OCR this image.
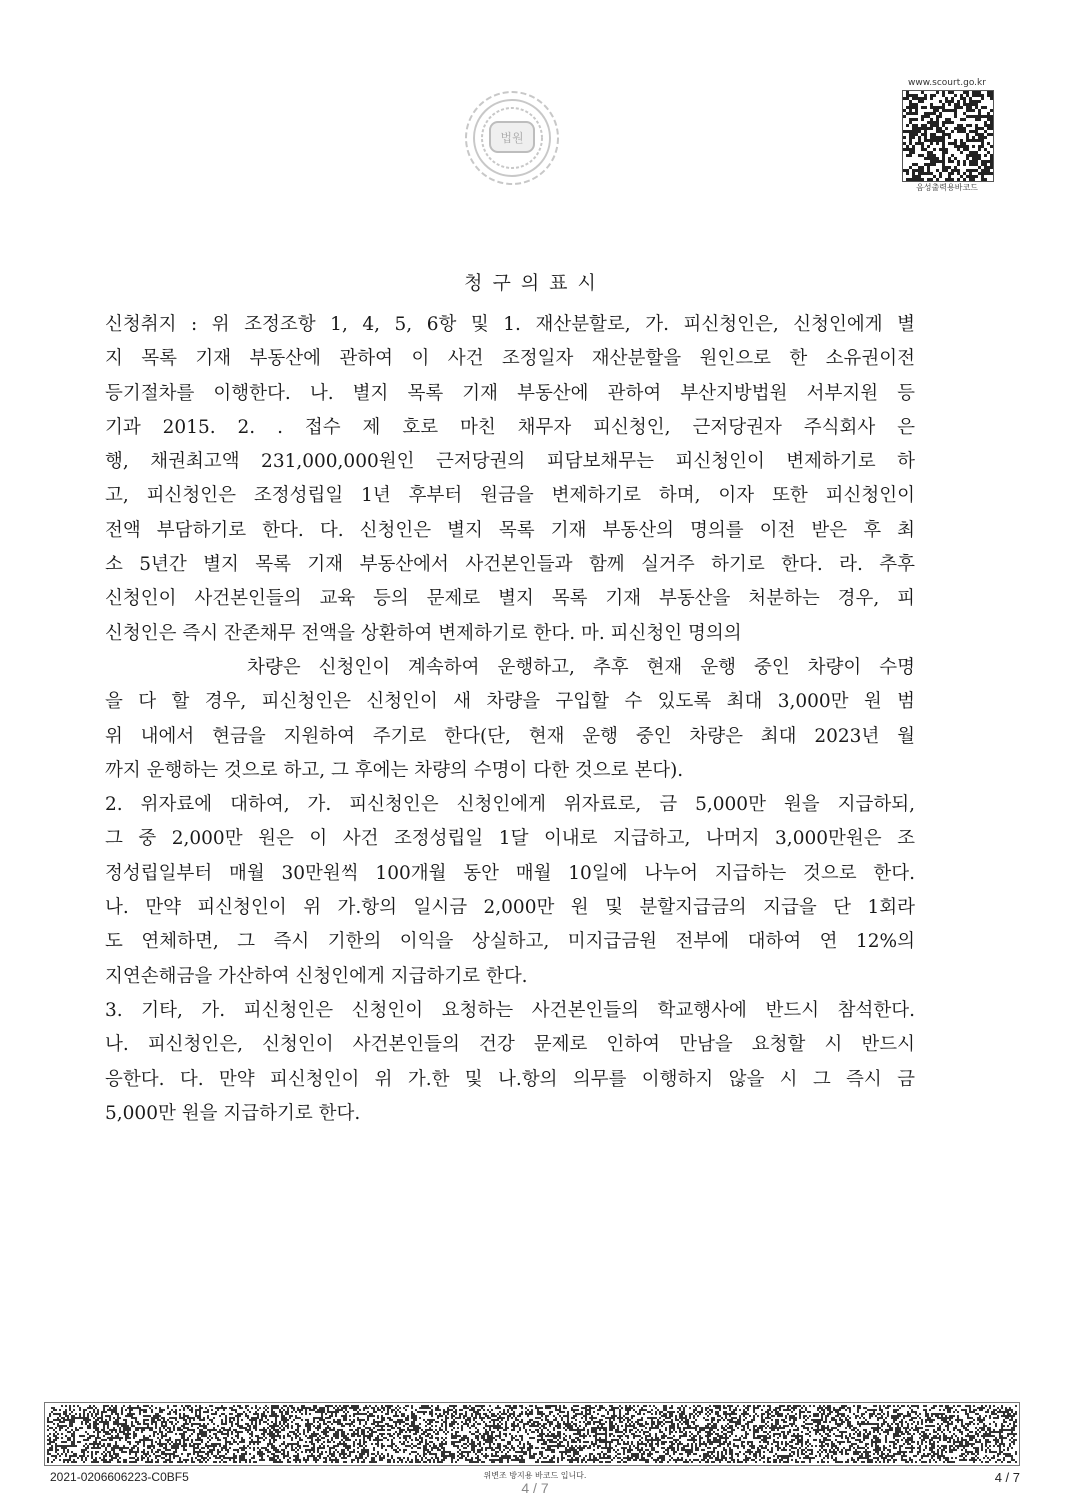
법원
www.scourt.go.kr
음성출력용바코드
청구의표시
신청취지 : 위 조정조항 1, 4, 5, 6항 및 1. 재산분할로, 가. 피신청인은, 신청인에게 별
지 목록 기재 부동산에 관하여 이 사건 조정일자 재산분할을 원인으로 한 소유권이전
등기절차를 이행한다. 나. 별지 목록 기재 부동산에 관하여 부산지방법원 서부지원 등
기과 2015. 2. . 접수 제 호로 마친 채무자 피신청인, 근저당권자 주식회사 은
행, 채권최고액 231,000,000원인 근저당권의 피담보채무는 피신청인이 변제하기로 하
고, 피신청인은 조정성립일 1년 후부터 원금을 변제하기로 하며, 이자 또한 피신청인이
전액 부담하기로 한다. 다. 신청인은 별지 목록 기재 부동산의 명의를 이전 받은 후 최
소 5년간 별지 목록 기재 부동산에서 사건본인들과 함께 실거주 하기로 한다. 라. 추후
신청인이 사건본인들의 교육 등의 문제로 별지 목록 기재 부동산을 처분하는 경우, 피
신청인은 즉시 잔존채무 전액을 상환하여 변제하기로 한다. 마. 피신청인 명의의
차량은 신청인이 계속하여 운행하고, 추후 현재 운행 중인 차량이 수명
을 다 할 경우, 피신청인은 신청인이 새 차량을 구입할 수 있도록 최대 3,000만 원 범
위 내에서 현금을 지원하여 주기로 한다(단, 현재 운행 중인 차량은 최대 2023년 월
까지 운행하는 것으로 하고, 그 후에는 차량의 수명이 다한 것으로 본다).
2. 위자료에 대하여, 가. 피신청인은 신청인에게 위자료로, 금 5,000만 원을 지급하되,
그 중 2,000만 원은 이 사건 조정성립일 1달 이내로 지급하고, 나머지 3,000만원은 조
정성립일부터 매월 30만원씩 100개월 동안 매월 10일에 나누어 지급하는 것으로 한다.
나. 만약 피신청인이 위 가.항의 일시금 2,000만 원 및 분할지급금의 지급을 단 1회라
도 연체하면, 그 즉시 기한의 이익을 상실하고, 미지급금원 전부에 대하여 연 12%의
지연손해금을 가산하여 신청인에게 지급하기로 한다.
3. 기타, 가. 피신청인은 신청인이 요청하는 사건본인들의 학교행사에 반드시 참석한다.
나. 피신청인은, 신청인이 사건본인들의 건강 문제로 인하여 만남을 요청할 시 반드시
응한다. 다. 만약 피신청인이 위 가.한 및 나.항의 의무를 이행하지 않을 시 그 즉시 금
5,000만 원을 지급하기로 한다.
2021-0206606223-C0BF5	위변조 방지용 바코드 입니다.
4 / 7
4 / 7
